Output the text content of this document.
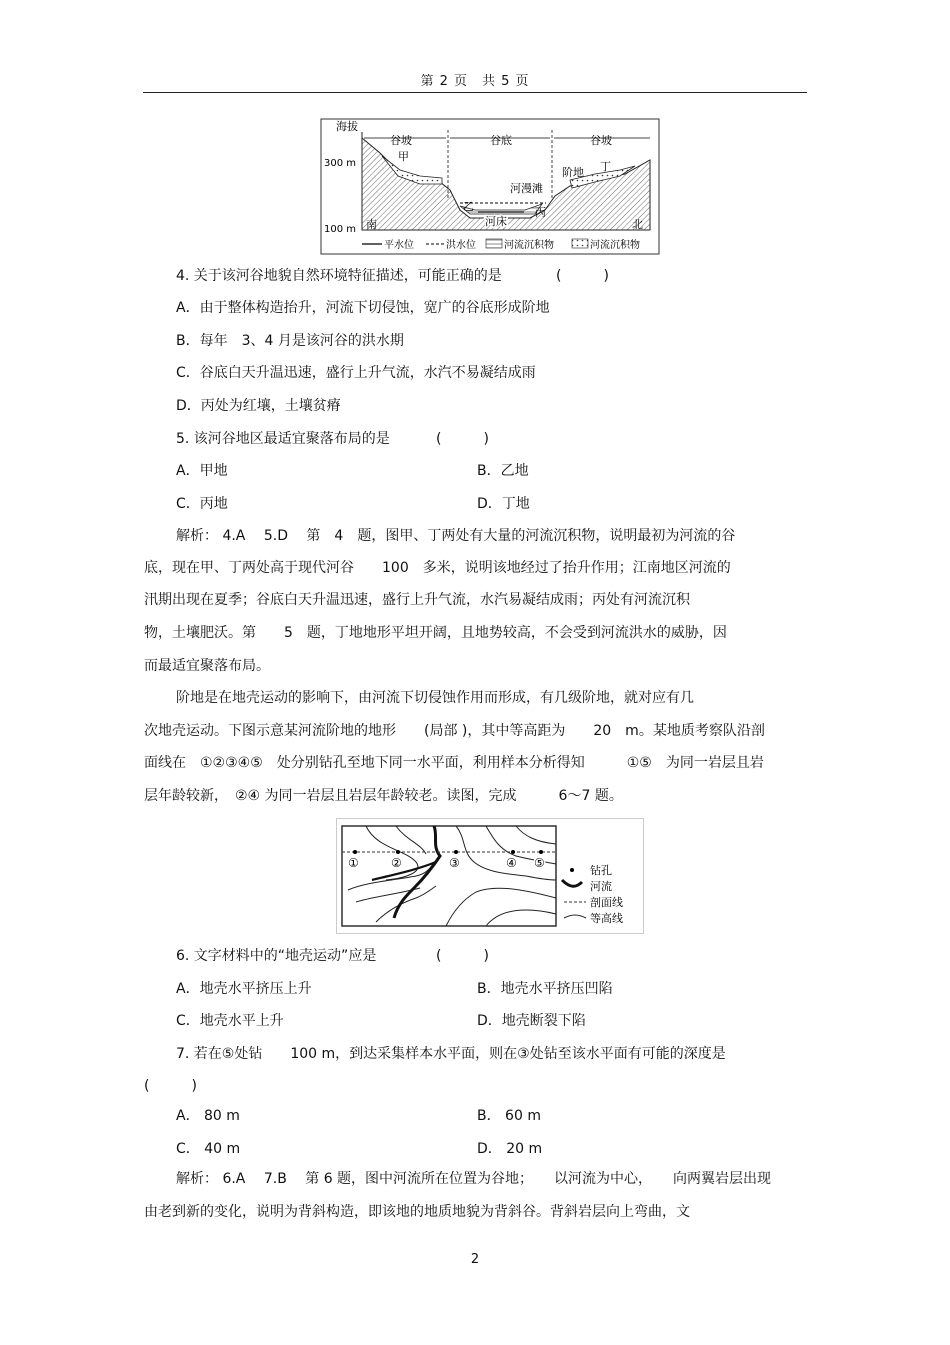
第 2 页　共 5 页
海拔
300 m
100 m
谷坡	谷底	谷坡
甲
阶地 丁
河漫滩
乙
河床
丙
南	北
平水位	洪水位	河流沉积物	河流沉积物
4. 关于该河谷地貌自然环境特征描述，可能正确的是	(　　　)
A．由于整体构造抬升，河流下切侵蚀，宽广的谷底形成阶地
B．每年　3、4 月是该河谷的洪水期
C．谷底白天升温迅速，盛行上升气流，水汽不易凝结成雨
D．丙处为红壤，土壤贫瘠
5. 该河谷地区最适宜聚落布局的是	(　　　)
A．甲地	B．乙地
C．丙地	D．丁地
解析： 4.A　 5.D　 第　4　题，图甲、丁两处有大量的河流沉积物，说明最初为河流的谷
底，现在甲、丁两处高于现代河谷　　100　多米，说明该地经过了抬升作用；江南地区河流的
汛期出现在夏季；谷底白天升温迅速，盛行上升气流，水汽易凝结成雨；丙处有河流沉积
物，土壤肥沃。第　　5　题，丁地地形平坦开阔，且地势较高，不会受到河流洪水的威胁，因
而最适宜聚落布局。
阶地是在地壳运动的影响下，由河流下切侵蚀作用而形成，有几级阶地，就对应有几
次地壳运动。下图示意某河流阶地的地形　　(局部 )，其中等高距为　　20　m。某地质考察队沿剖
面线在　①②③④⑤　处分别钻孔至地下同一水平面，利用样本分析得知　　　①⑤　为同一岩层且岩
层年龄较新，　②④ 为同一岩层且岩层年龄较老。读图，完成　　　6～7 题。
①	②	③	④ ⑤
钻孔
河流
剖面线
等高线
6. 文字材料中的“地壳运动”应是	(　　　)
A．地壳水平挤压上升	B．地壳水平挤压凹陷
C．地壳水平上升	D．地壳断裂下陷
7. 若在⑤处钻　　100 m，到达采集样本水平面，则在③处钻至该水平面有可能的深度是
(　　　)
A． 80 m	B． 60 m
C． 40 m	D． 20 m
解析： 6.A　 7.B　 第 6 题，图中河流所在位置为谷地；　　以河流为中心，　　向两翼岩层出现
由老到新的变化，说明为背斜构造，即该地的地质地貌为背斜谷。背斜岩层向上弯曲，文
2
